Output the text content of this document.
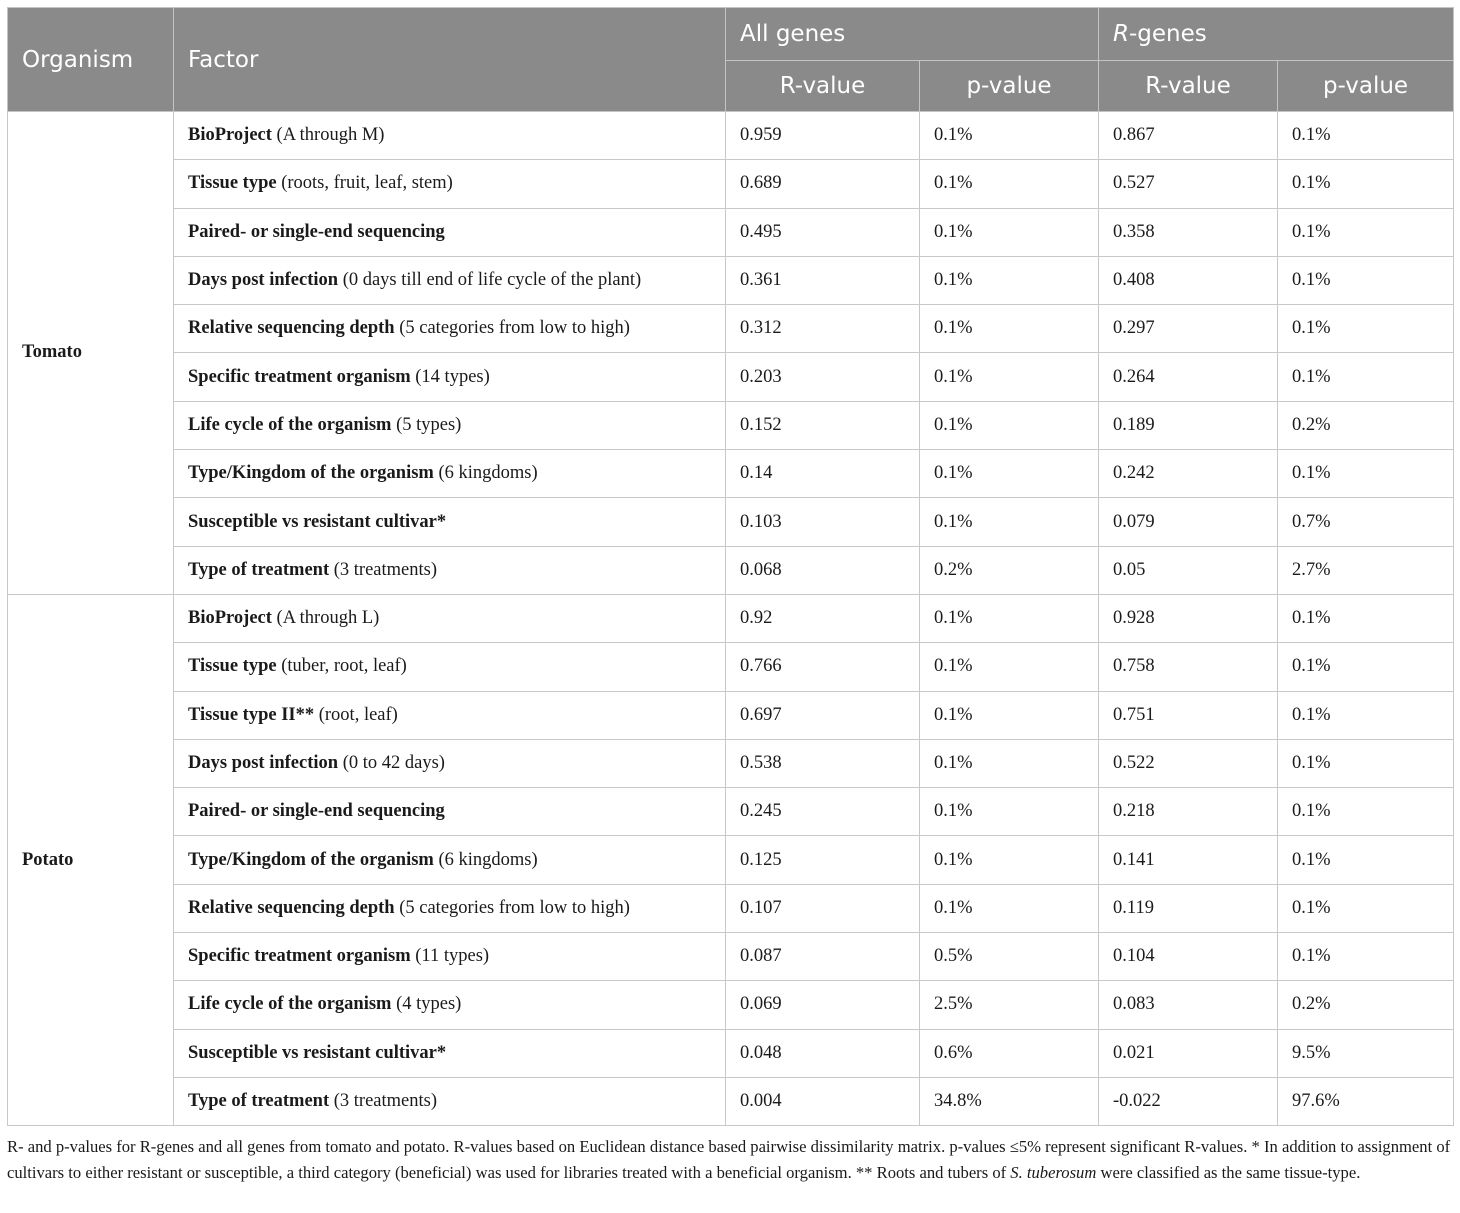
Organism	Factor	All genes		R-genes	
		R-value	p-value	R-value	p-value
Tomato	BioProject (A through M)	0.959	0.1%	0.867	0.1%
	Tissue type (roots, fruit, leaf, stem)	0.689	0.1%	0.527	0.1%
	Paired- or single-end sequencing	0.495	0.1%	0.358	0.1%
	Days post infection (0 days till end of life cycle of the plant)	0.361	0.1%	0.408	0.1%
	Relative sequencing depth (5 categories from low to high)	0.312	0.1%	0.297	0.1%
	Specific treatment organism (14 types)	0.203	0.1%	0.264	0.1%
	Life cycle of the organism (5 types)	0.152	0.1%	0.189	0.2%
	Type/Kingdom of the organism (6 kingdoms)	0.14	0.1%	0.242	0.1%
	Susceptible vs resistant cultivar*	0.103	0.1%	0.079	0.7%
	Type of treatment (3 treatments)	0.068	0.2%	0.05	2.7%
Potato	BioProject (A through L)	0.92	0.1%	0.928	0.1%
	Tissue type (tuber, root, leaf)	0.766	0.1%	0.758	0.1%
	Tissue type II** (root, leaf)	0.697	0.1%	0.751	0.1%
	Days post infection (0 to 42 days)	0.538	0.1%	0.522	0.1%
	Paired- or single-end sequencing	0.245	0.1%	0.218	0.1%
	Type/Kingdom of the organism (6 kingdoms)	0.125	0.1%	0.141	0.1%
	Relative sequencing depth (5 categories from low to high)	0.107	0.1%	0.119	0.1%
	Specific treatment organism (11 types)	0.087	0.5%	0.104	0.1%
	Life cycle of the organism (4 types)	0.069	2.5%	0.083	0.2%
	Susceptible vs resistant cultivar*	0.048	0.6%	0.021	9.5%
	Type of treatment (3 treatments)	0.004	34.8%	-0.022	97.6%
R- and p-values for R-genes and all genes from tomato and potato. R-values based on Euclidean distance based pairwise dissimilarity matrix. p-values ≤5% represent significant R-values. * In addition to assignment of cultivars to either resistant or susceptible, a third category (beneficial) was used for libraries treated with a beneficial organism. ** Roots and tubers of S. tuberosum were classified as the same tissue-type.
